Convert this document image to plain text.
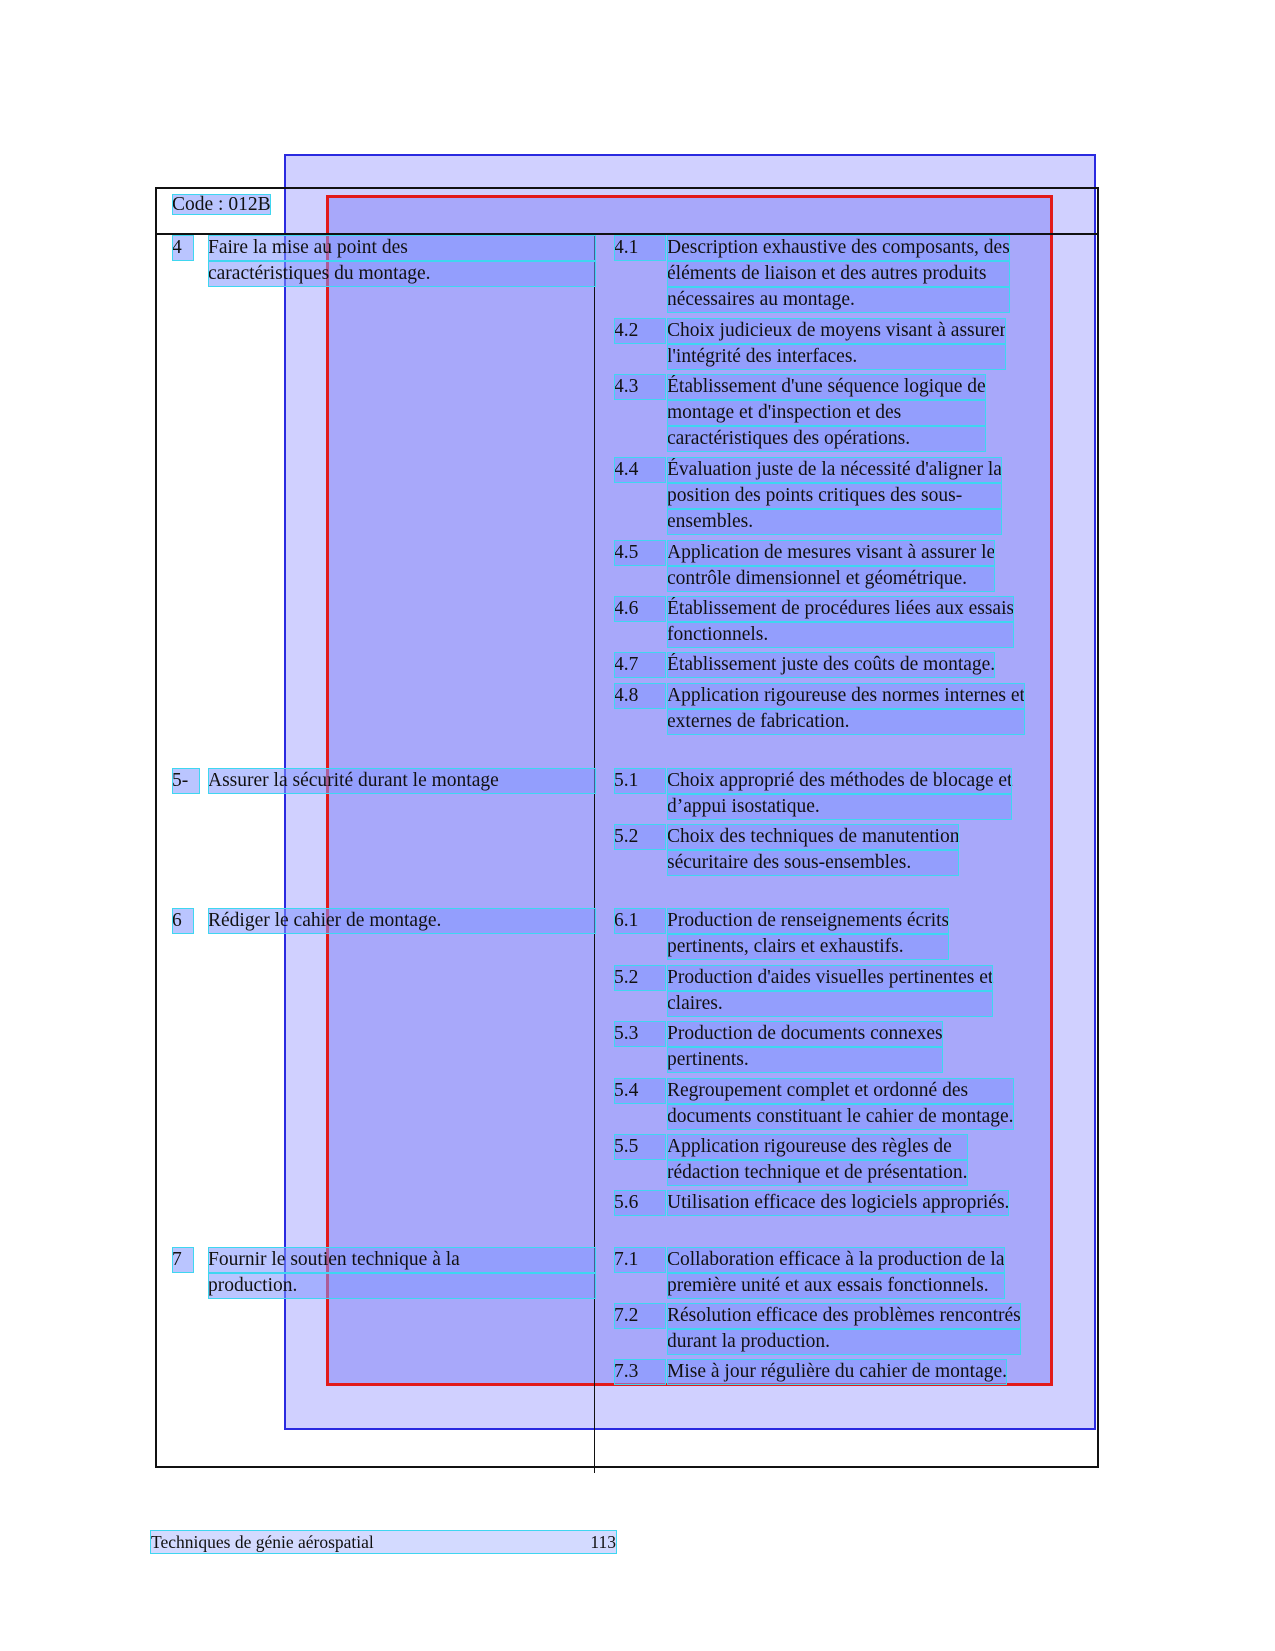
Code : 012B
4	Faire la mise au point des
caractéristiques du montage.
4.1	Description exhaustive des composants, des
éléments de liaison et des autres produits
nécessaires au montage.
4.2	Choix judicieux de moyens visant à assurer
l'intégrité des interfaces.
4.3	Établissement d'une séquence logique de
montage et d'inspection et des
caractéristiques des opérations.
4.4	Évaluation juste de la nécessité d'aligner la
position des points critiques des sous-
ensembles.
4.5	Application de mesures visant à assurer le
contrôle dimensionnel et géométrique.
4.6	Établissement de procédures liées aux essais
fonctionnels.
4.7	Établissement juste des coûts de montage.
4.8	Application rigoureuse des normes internes et
externes de fabrication.
5-	Assurer la sécurité durant le montage	5.1	Choix approprié des méthodes de blocage et
d’appui isostatique.
5.2	Choix des techniques de manutention
sécuritaire des sous-ensembles.
6	Rédiger le cahier de montage.	6.1	Production de renseignements écrits
pertinents, clairs et exhaustifs.
5.2	Production d'aides visuelles pertinentes et
claires.
5.3	Production de documents connexes
pertinents.
5.4	Regroupement complet et ordonné des
documents constituant le cahier de montage.
5.5	Application rigoureuse des règles de
rédaction technique et de présentation.
5.6	Utilisation efficace des logiciels appropriés.
7	Fournir le soutien technique à la
production.
7.1	Collaboration efficace à la production de la
première unité et aux essais fonctionnels.
7.2	Résolution efficace des problèmes rencontrés
durant la production.
7.3	Mise à jour régulière du cahier de montage.
Techniques de génie aérospatial	113
